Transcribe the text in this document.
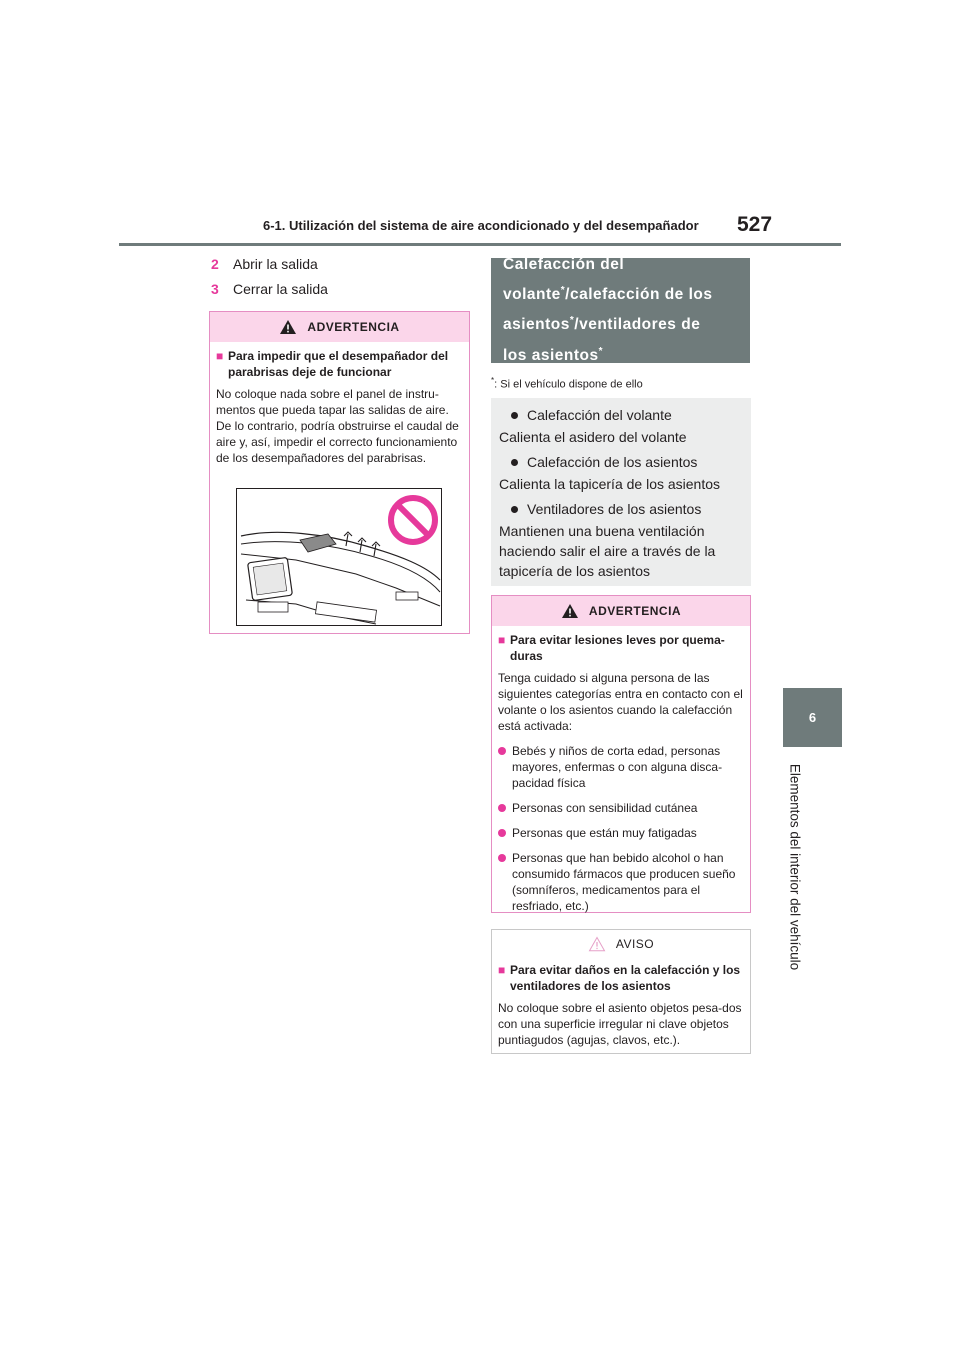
6-1. Utilización del sistema de aire acondicionado y del desempañador 527
6
Elementos del interior del vehículo
2 Abrir la salida
3 Cerrar la salida
ADVERTENCIA
■ Para impedir que el desempañador del parabrisas deje de funcionar
No coloque nada sobre el panel de instru-mentos que pueda tapar las salidas de aire. De lo contrario, podría obstruirse el caudal de aire y, así, impedir el correcto funcionamiento de los desempañadores del parabrisas.
Calefacción del
volante*/calefacción de los
asientos*/ventiladores de
los asientos*
*: Si el vehículo dispone de ello
Calefacción del volante
Calienta el asidero del volante
Calefacción de los asientos
Calienta la tapicería de los asientos
Ventiladores de los asientos
Mantienen una buena ventilación haciendo salir el aire a través de la tapicería de los asientos
ADVERTENCIA
■ Para evitar lesiones leves por quema-duras
Tenga cuidado si alguna persona de las siguientes categorías entra en contacto con el volante o los asientos cuando la calefacción está activada:
Bebés y niños de corta edad, personas mayores, enfermas o con alguna disca-pacidad física
Personas con sensibilidad cutánea
Personas que están muy fatigadas
Personas que han bebido alcohol o han consumido fármacos que producen sueño (somníferos, medicamentos para el resfriado, etc.)
AVISO
■ Para evitar daños en la calefacción y los ventiladores de los asientos
No coloque sobre el asiento objetos pesa-dos con una superficie irregular ni clave objetos puntiagudos (agujas, clavos, etc.).
